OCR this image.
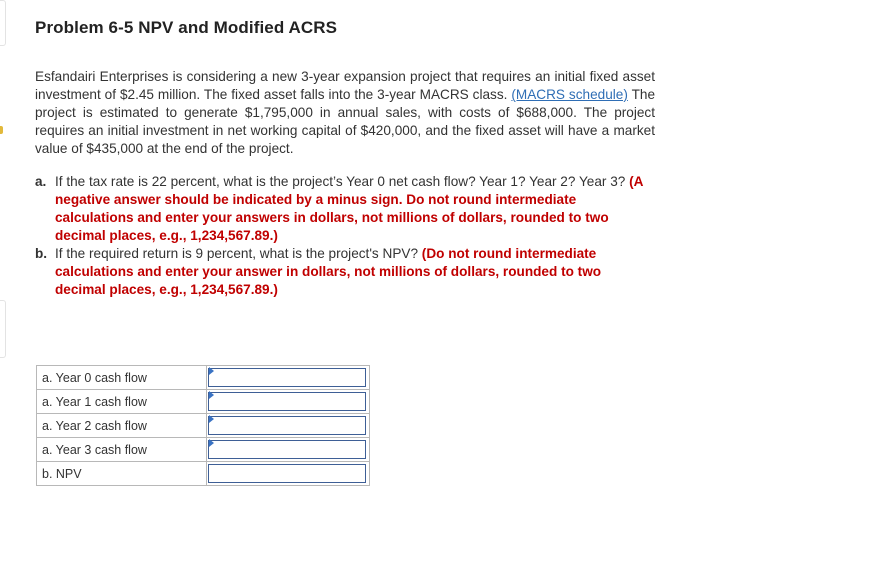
Problem 6-5 NPV and Modified ACRS

Esfandairi Enterprises is considering a new 3-year expansion project that requires an initial fixed asset investment of $2.45 million. The fixed asset falls into the 3-year MACRS class. (MACRS schedule) The project is estimated to generate $1,795,000 in annual sales, with costs of $688,000. The project requires an initial investment in net working capital of $420,000, and the fixed asset will have a market value of $435,000 at the end of the project.

a. If the tax rate is 22 percent, what is the project’s Year 0 net cash flow? Year 1? Year 2? Year 3? (A negative answer should be indicated by a minus sign. Do not round intermediate calculations and enter your answers in dollars, not millions of dollars, rounded to two decimal places, e.g., 1,234,567.89.)
b. If the required return is 9 percent, what is the project's NPV? (Do not round intermediate calculations and enter your answer in dollars, not millions of dollars, rounded to two decimal places, e.g., 1,234,567.89.)
a. Year 0 cash flow	

a. Year 1 cash flow	

a. Year 2 cash flow	

a. Year 3 cash flow	

b. NPV	
